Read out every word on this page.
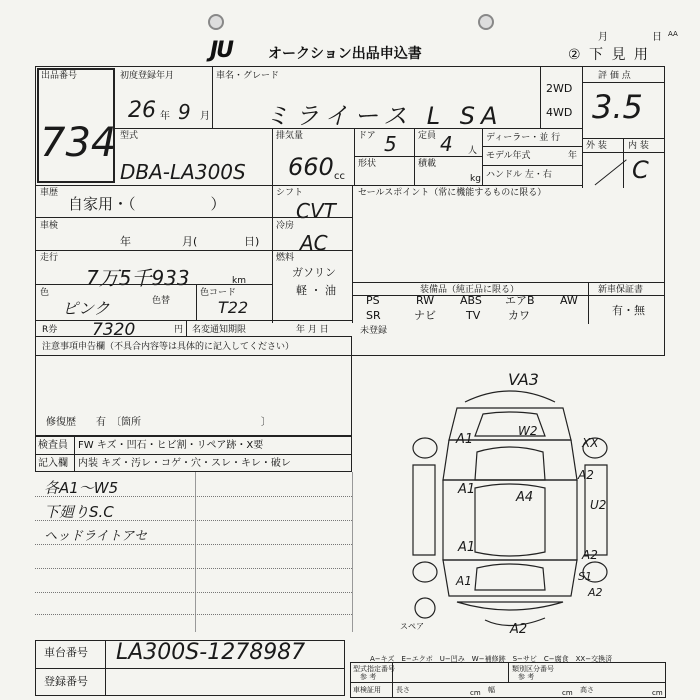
JU	オークション出品申込書
月	日 AA
② 下 見 用
出品番号
734
初度登録年月	車名・グレード
26 年 9 月 ミライース L SA
2WD
4WD
評 価 点
3.5
外 装 内 装
／ C
型式
DBA-LA300S
排気量
660 cc
ドア 5 定員 4 人
形状	積載
kg
ディーラー・並 行
モデル年式	年
ハンドル 左・右
車歴
自家用・（　　　　　）
シフト
CVT
セールスポイント（常に機能するものに限る）
車検
年	月(	日)
冷房
AC
走行
7万5千933	km
燃料
ガソリン
軽 ・ 油
色
ピンク	色替
色コード
T22
R券 7320	円 名変通知期限	年 月 日
装備品（純正品に限る）	新車保証書
有・無
PS	RW ABS エアB AW
SR	ナビ	TV	カワ
未登録
注意事項申告欄（不具合内容等は具体的に記入してください）
修復歴　　有　〔箇所　　　　　　　　　　　　〕
検査員
記入欄
FW キズ・凹石・ヒビ割・リペア跡・X要
内装 キズ・汚レ・コゲ・穴・スレ・キレ・破レ
各A1～W5
下廻りS.C
ヘッドライトアセ
車台番号
登録番号
LA300S-1278987	A−キズ　E−エクボ　U−凹み　W−補修跡　S−サビ　C−腐食　XX−交換済
型式指定番号
参 考
類別区分番号
参 考
車検証用 長さ	cm 幅	cm 高さ	cm
VA3
W2
A1	XX
A2
A1
A4	U2
A1	A2
A1	S1
A2
A2
スペア
